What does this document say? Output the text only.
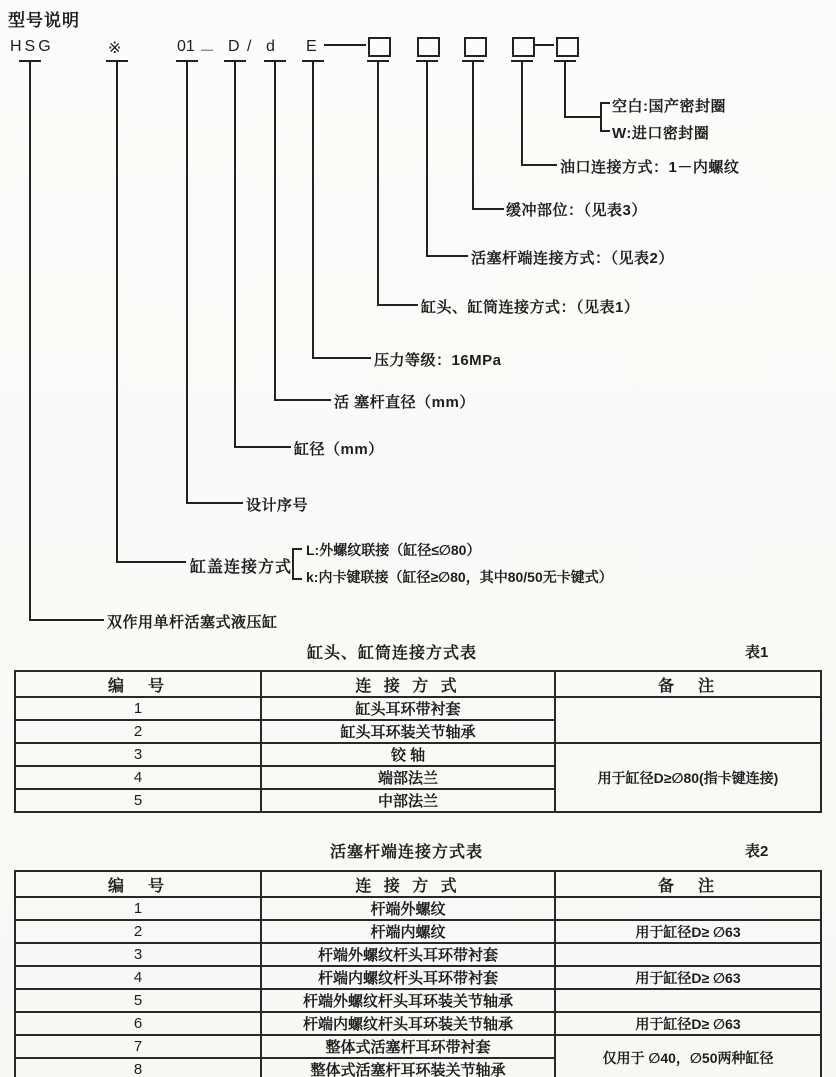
型号说明
HSG	※	01 － D / d E
空白:国产密封圈
W:进口密封圈
油口连接方式：1－内螺纹
缓冲部位：（见表3）
活塞杆端连接方式：（见表2）
缸头、缸筒连接方式：（见表1）
压力等级：16MPa
活 塞杆直径（mm）
缸径（mm）
设计序号
缸盖连接方式
L:外螺纹联接（缸径≤∅80）
k:内卡键联接（缸径≥∅80，其中80/50无卡键式）
双作用单杆活塞式液压缸
缸头、缸筒连接方式表	表1
编　号	连 接 方 式	备　注
1	缸头耳环带衬套	
2	缸头耳环装关节轴承	
3	铰 轴	用于缸径D≥∅80(指卡键连接)
4	端部法兰	
5	中部法兰	
活塞杆端连接方式表	表2
编　号	连 接 方 式	备　注
1	杆端外螺纹	
2	杆端内螺纹	用于缸径D≥ ∅63
3	杆端外螺纹杆头耳环带衬套	
4	杆端内螺纹杆头耳环带衬套	用于缸径D≥ ∅63
5	杆端外螺纹杆头耳环装关节轴承	
6	杆端内螺纹杆头耳环装关节轴承	用于缸径D≥ ∅63
7	整体式活塞杆耳环带衬套	仅用于 ∅40，∅50两种缸径
8	整体式活塞杆耳环装关节轴承	
